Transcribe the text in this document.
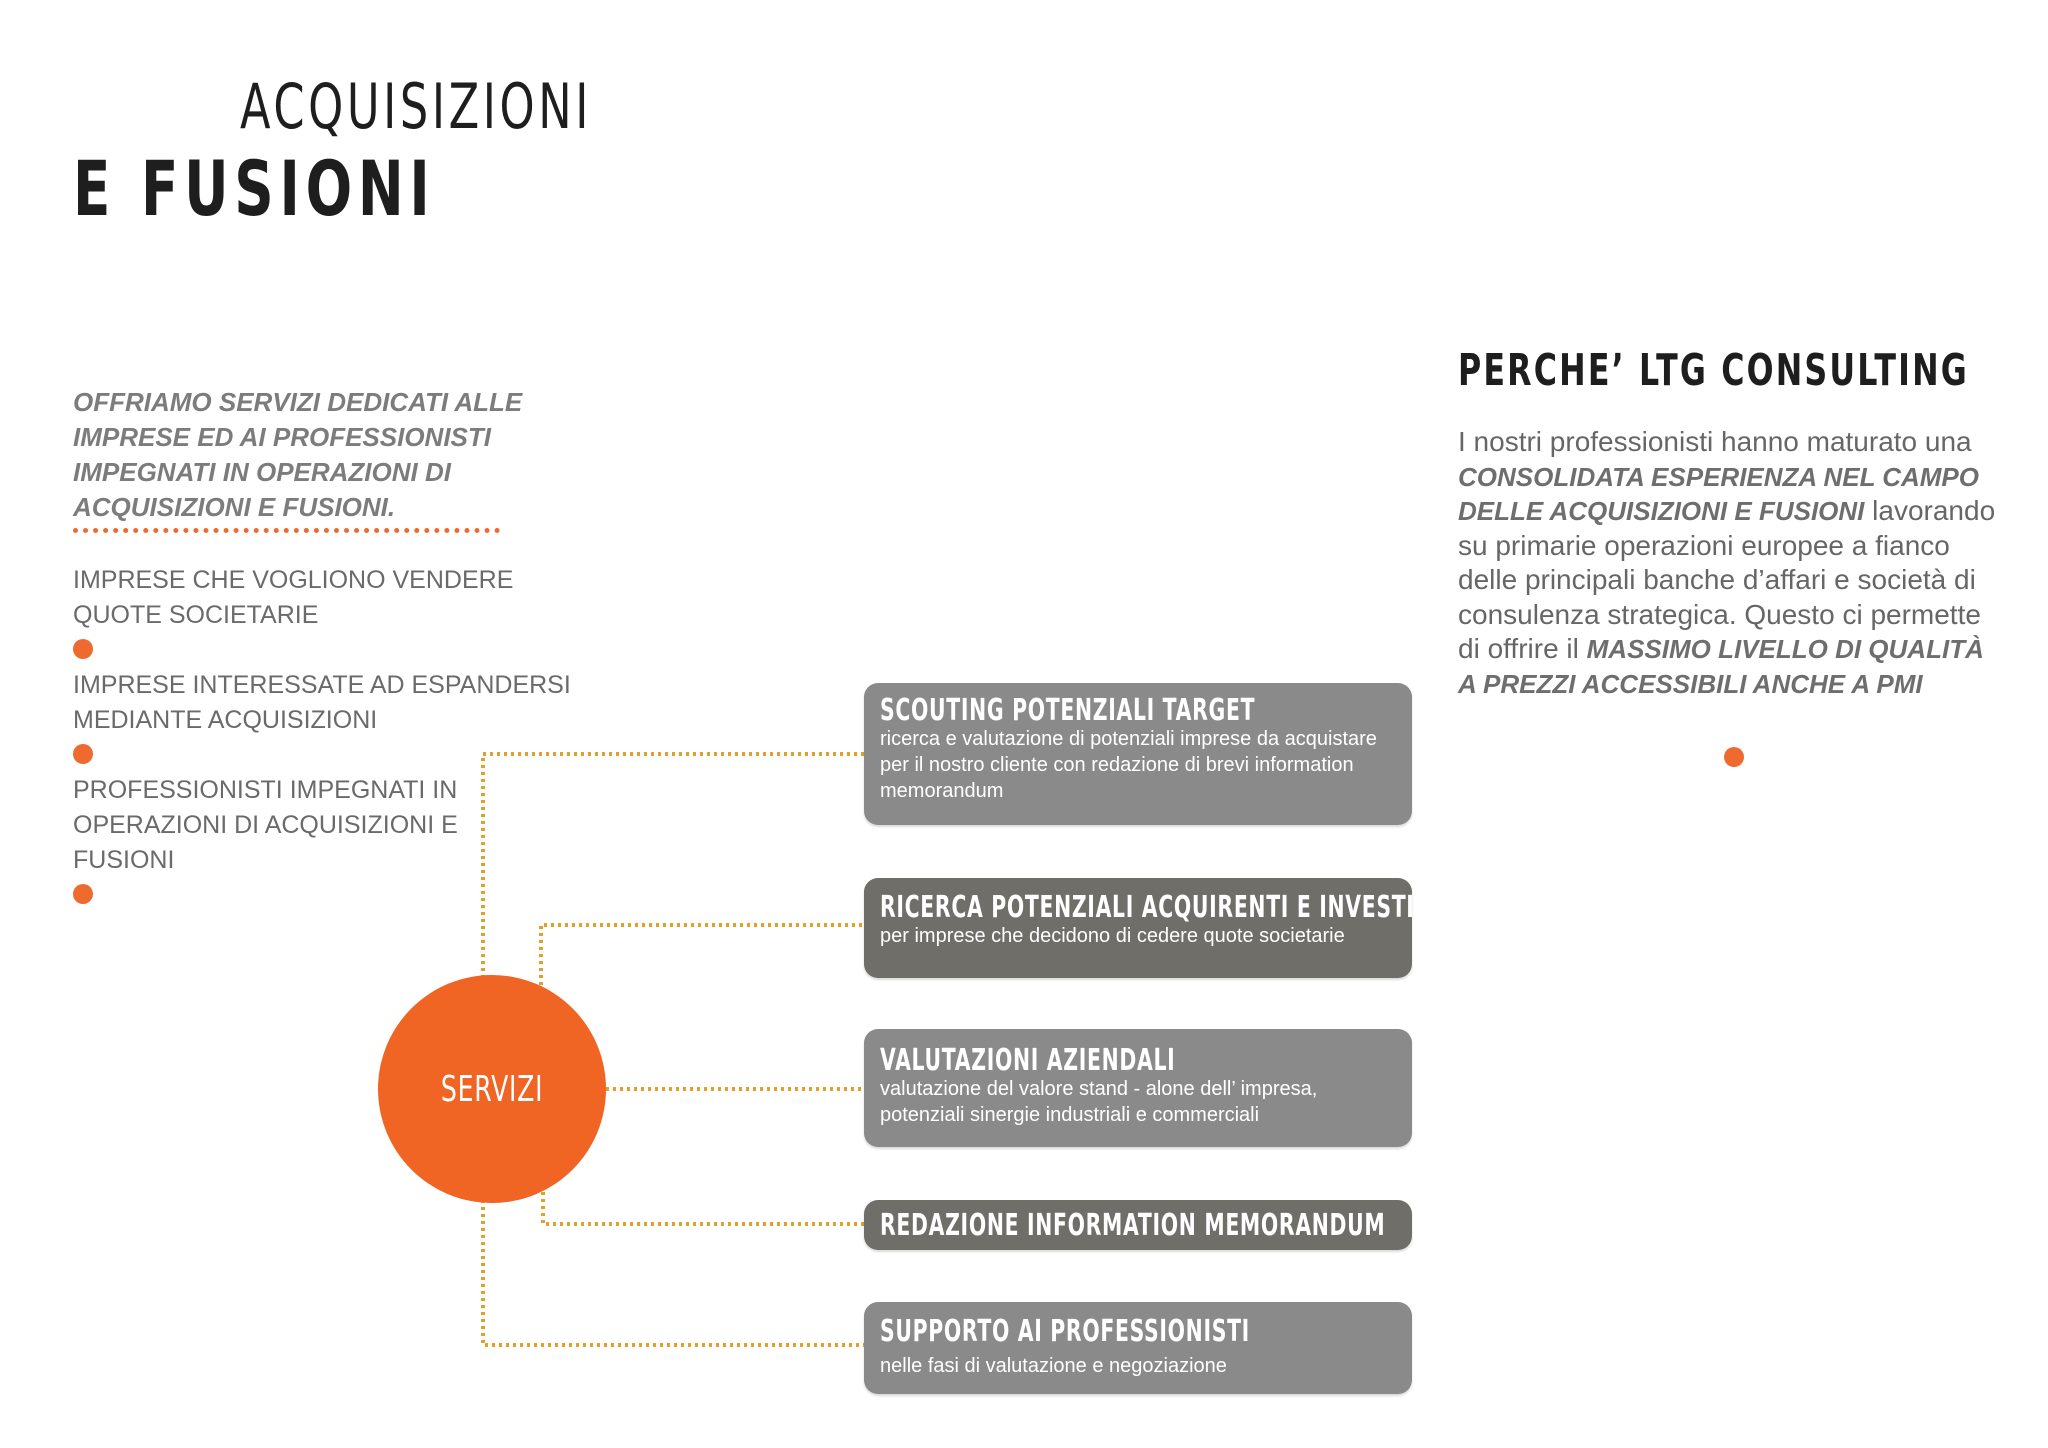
ACQUISIZIONI
E FUSIONI
OFFRIAMO SERVIZI DEDICATI ALLE IMPRESE ED AI PROFESSIONISTI IMPEGNATI IN OPERAZIONI DI ACQUISIZIONI E FUSIONI.
IMPRESE CHE VOGLIONO VENDERE QUOTE SOCIETARIE
IMPRESE INTERESSATE AD ESPANDERSI MEDIANTE ACQUISIZIONI
PROFESSIONISTI IMPEGNATI IN OPERAZIONI DI ACQUISIZIONI E FUSIONI
PERCHE’ LTG CONSULTING
I nostri professionisti hanno maturato una CONSOLIDATA ESPERIENZA NEL CAMPO DELLE ACQUISIZIONI E FUSIONI lavorando su primarie operazioni europee a fianco delle principali banche d’affari e società di consulenza strategica. Questo ci permette di offrire il MASSIMO LIVELLO DI QUALITÀ A PREZZI ACCESSIBILI ANCHE A PMI
SERVIZI
SCOUTING POTENZIALI TARGET
ricerca e valutazione di potenziali imprese da acquistare per il nostro cliente con redazione di brevi information memorandum
RICERCA POTENZIALI ACQUIRENTI E INVESTITORI
per imprese che decidono di cedere quote societarie
VALUTAZIONI AZIENDALI
valutazione del valore stand - alone dell’ impresa, potenziali sinergie industriali e commerciali
REDAZIONE INFORMATION MEMORANDUM
SUPPORTO AI PROFESSIONISTI
nelle fasi di valutazione e negoziazione
